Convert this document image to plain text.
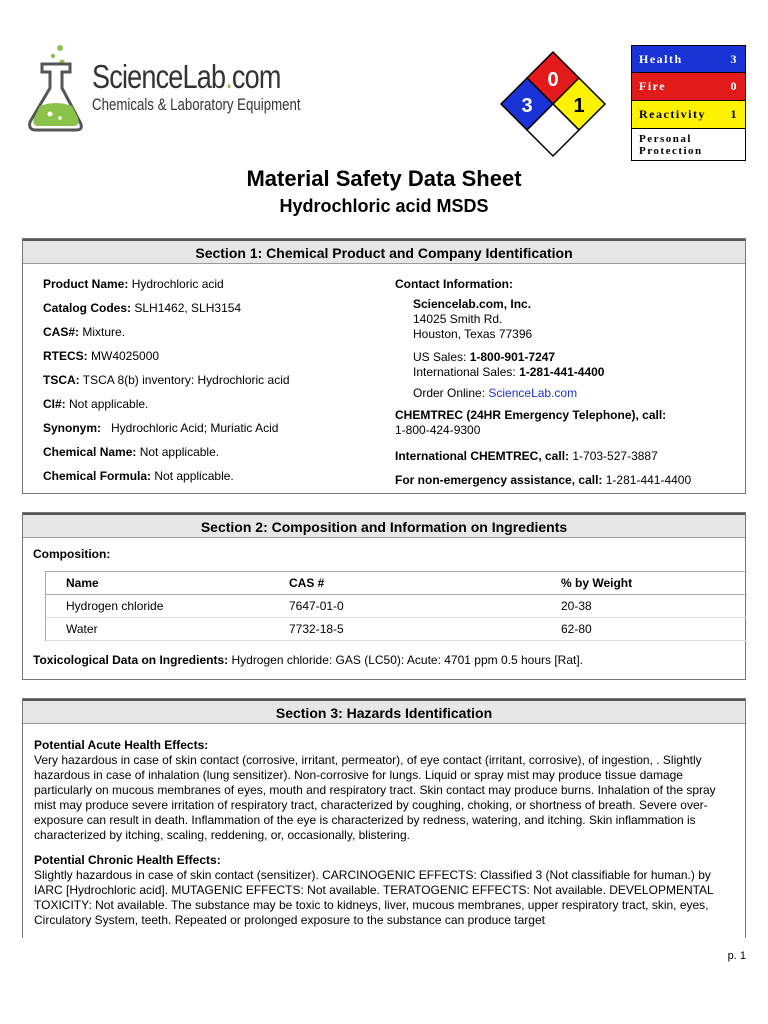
ScienceLab.com
Chemicals & Laboratory Equipment
0
3 1
Health	3
Fire	0
Reactivity 1
Personal
Protection
Material Safety Data Sheet
Hydrochloric acid MSDS
Section 1: Chemical Product and Company Identification
Product Name: Hydrochloric acid
Catalog Codes: SLH1462, SLH3154
CAS#: Mixture.
RTECS: MW4025000
TSCA: TSCA 8(b) inventory: Hydrochloric acid
CI#: Not applicable.
Synonym:   Hydrochloric Acid; Muriatic Acid
Chemical Name: Not applicable.
Chemical Formula: Not applicable.
Contact Information:
Sciencelab.com, Inc.
14025 Smith Rd.
Houston, Texas 77396
US Sales: 1-800-901-7247
International Sales: 1-281-441-4400
Order Online: ScienceLab.com
CHEMTREC (24HR Emergency Telephone), call:
1-800-424-9300
International CHEMTREC, call: 1-703-527-3887
For non-emergency assistance, call: 1-281-441-4400
Section 2: Composition and Information on Ingredients
Composition:
Name	CAS #	% by Weight
Hydrogen chloride	7647-01-0	20-38
Water	7732-18-5	62-80
Toxicological Data on Ingredients: Hydrogen chloride: GAS (LC50): Acute: 4701 ppm 0.5 hours [Rat].
Section 3: Hazards Identification

Potential Acute Health Effects:
Very hazardous in case of skin contact (corrosive, irritant, permeator), of eye contact (irritant, corrosive), of ingestion, . Slightly hazardous in case of inhalation (lung sensitizer). Non-corrosive for lungs. Liquid or spray mist may produce tissue damage particularly on mucous membranes of eyes, mouth and respiratory tract. Skin contact may produce burns. Inhalation of the spray mist may produce severe irritation of respiratory tract, characterized by coughing, choking, or shortness of breath. Severe over-exposure can result in death. Inflammation of the eye is characterized by redness, watering, and itching. Skin inflammation is characterized by itching, scaling, reddening, or, occasionally, blistering.

Potential Chronic Health Effects:
Slightly hazardous in case of skin contact (sensitizer). CARCINOGENIC EFFECTS: Classified 3 (Not classifiable for human.) by IARC [Hydrochloric acid]. MUTAGENIC EFFECTS: Not available. TERATOGENIC EFFECTS: Not available. DEVELOPMENTAL TOXICITY: Not available. The substance may be toxic to kidneys, liver, mucous membranes, upper respiratory tract, skin, eyes, Circulatory System, teeth. Repeated or prolonged exposure to the substance can produce target

p. 1
